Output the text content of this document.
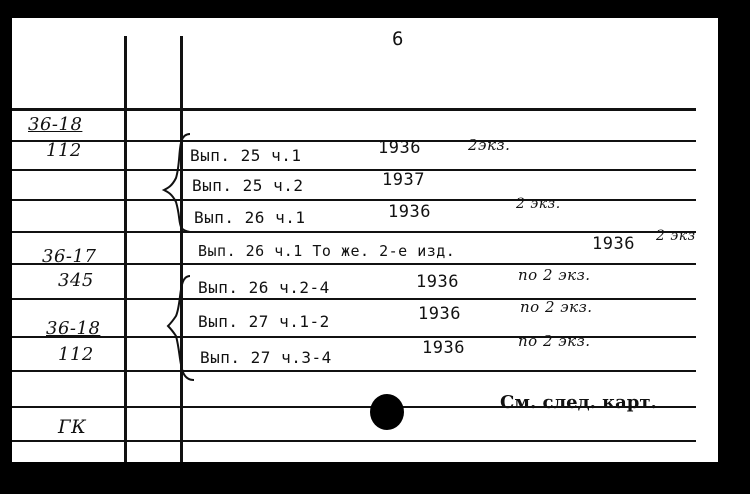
6
36-18
112
36-17
345
36-18
112
ГК
Вып. 25 ч.1	1936	2экз.
Вып. 25 ч.2	1937
Вып. 26 ч.1	1936	2 экз.
Вып. 26 ч.1 То же. 2-е изд.	1936 2 экз
Вып. 26 ч.2-4	1936	по 2 экз.
Вып. 27 ч.1-2	1936	по 2 экз.
Вып. 27 ч.3-4	1936	по 2 экз.
См. след. карт.
